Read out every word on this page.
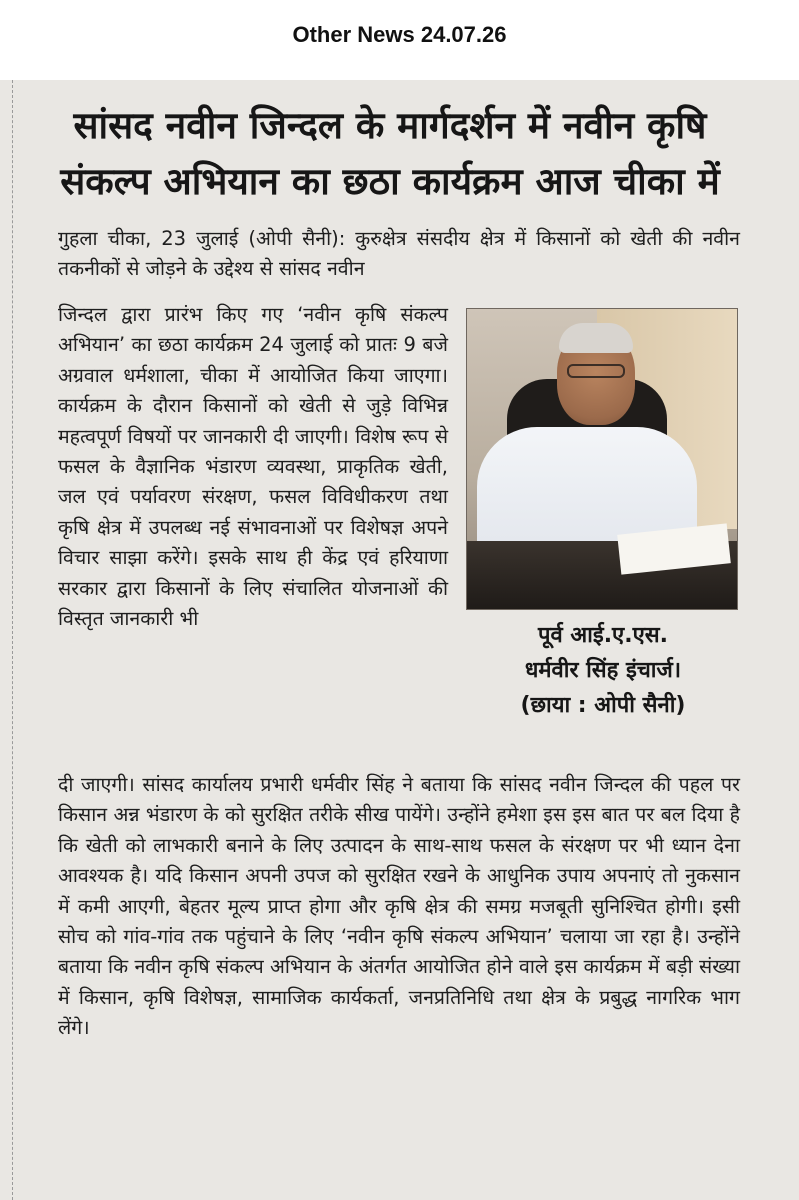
Other News 24.07.26
सांसद नवीन जिन्दल के मार्गदर्शन में नवीन कृषि
संकल्प अभियान का छठा कार्यक्रम आज चीका में

गुहला चीका, 23 जुलाई (ओपी सैनी): कुरुक्षेत्र संसदीय क्षेत्र में किसानों को खेती की नवीन तकनीकों से जोड़ने के उद्देश्य से सांसद नवीन

जिन्दल द्वारा प्रारंभ किए गए ‘नवीन कृषि संकल्प अभियान’ का छठा कार्यक्रम 24 जुलाई को प्रातः 9 बजे अग्रवाल धर्मशाला, चीका में आयोजित किया जाएगा। कार्यक्रम के दौरान किसानों को खेती से जुड़े विभिन्न महत्वपूर्ण विषयों पर जानकारी दी जाएगी। विशेष रूप से फसल के वैज्ञानिक भंडारण व्यवस्था, प्राकृतिक खेती, जल एवं पर्यावरण संरक्षण, फसल विविधीकरण तथा कृषि क्षेत्र में उपलब्ध नई संभावनाओं पर विशेषज्ञ अपने विचार साझा करेंगे। इसके साथ ही केंद्र एवं हरियाणा सरकार द्वारा किसानों के लिए संचालित योजनाओं की विस्तृत जानकारी भी

पूर्व आई.ए.एस.
धर्मवीर सिंह इंचार्ज।
(छाया : ओपी सैनी)

दी जाएगी। सांसद कार्यालय प्रभारी धर्मवीर सिंह ने बताया कि सांसद नवीन जिन्दल की पहल पर किसान अन्न भंडारण के को सुरक्षित तरीके सीख पायेंगे। उन्होंने हमेशा इस इस बात पर बल दिया है कि खेती को लाभकारी बनाने के लिए उत्पादन के साथ-साथ फसल के संरक्षण पर भी ध्यान देना आवश्यक है। यदि किसान अपनी उपज को सुरक्षित रखने के आधुनिक उपाय अपनाएं तो नुकसान में कमी आएगी, बेहतर मूल्य प्राप्त होगा और कृषि क्षेत्र की समग्र मजबूती सुनिश्चित होगी। इसी सोच को गांव-गांव तक पहुंचाने के लिए ‘नवीन कृषि संकल्प अभियान’ चलाया जा रहा है। उन्होंने बताया कि नवीन कृषि संकल्प अभियान के अंतर्गत आयोजित होने वाले इस कार्यक्रम में बड़ी संख्या में किसान, कृषि विशेषज्ञ, सामाजिक कार्यकर्ता, जनप्रतिनिधि तथा क्षेत्र के प्रबुद्ध नागरिक भाग लेंगे।
